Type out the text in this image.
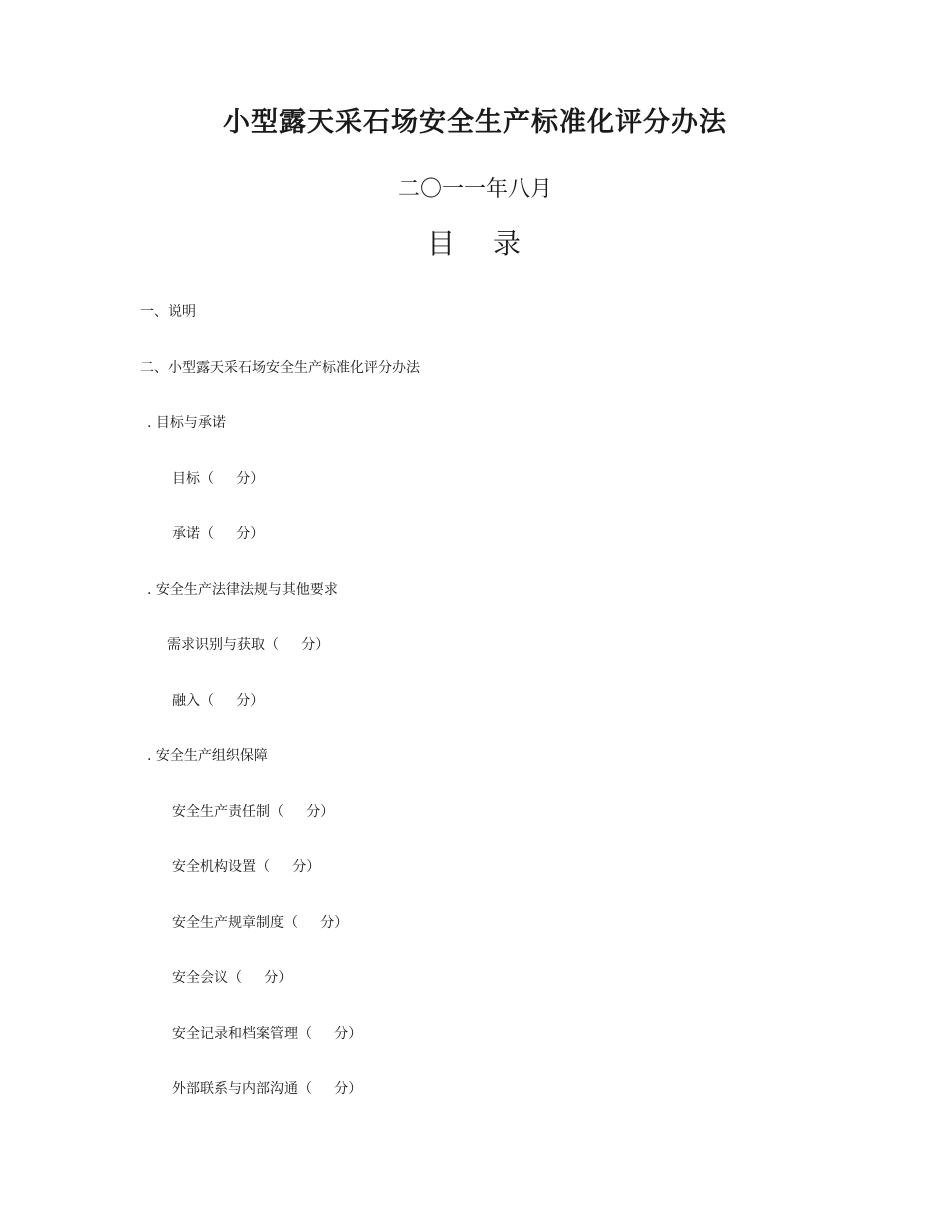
小型露天采石场安全生产标准化评分办法
二〇一一年八月
目 录
一、说明
二、小型露天采石场安全生产标准化评分办法
. 目标与承诺
目标（     分）
承诺（     分）
. 安全生产法律法规与其他要求
需求识别与获取（     分）
融入（     分）
. 安全生产组织保障
安全生产责任制（     分）
安全机构设置（     分）
安全生产规章制度（     分）
安全会议（     分）
安全记录和档案管理（     分）
外部联系与内部沟通（     分）
